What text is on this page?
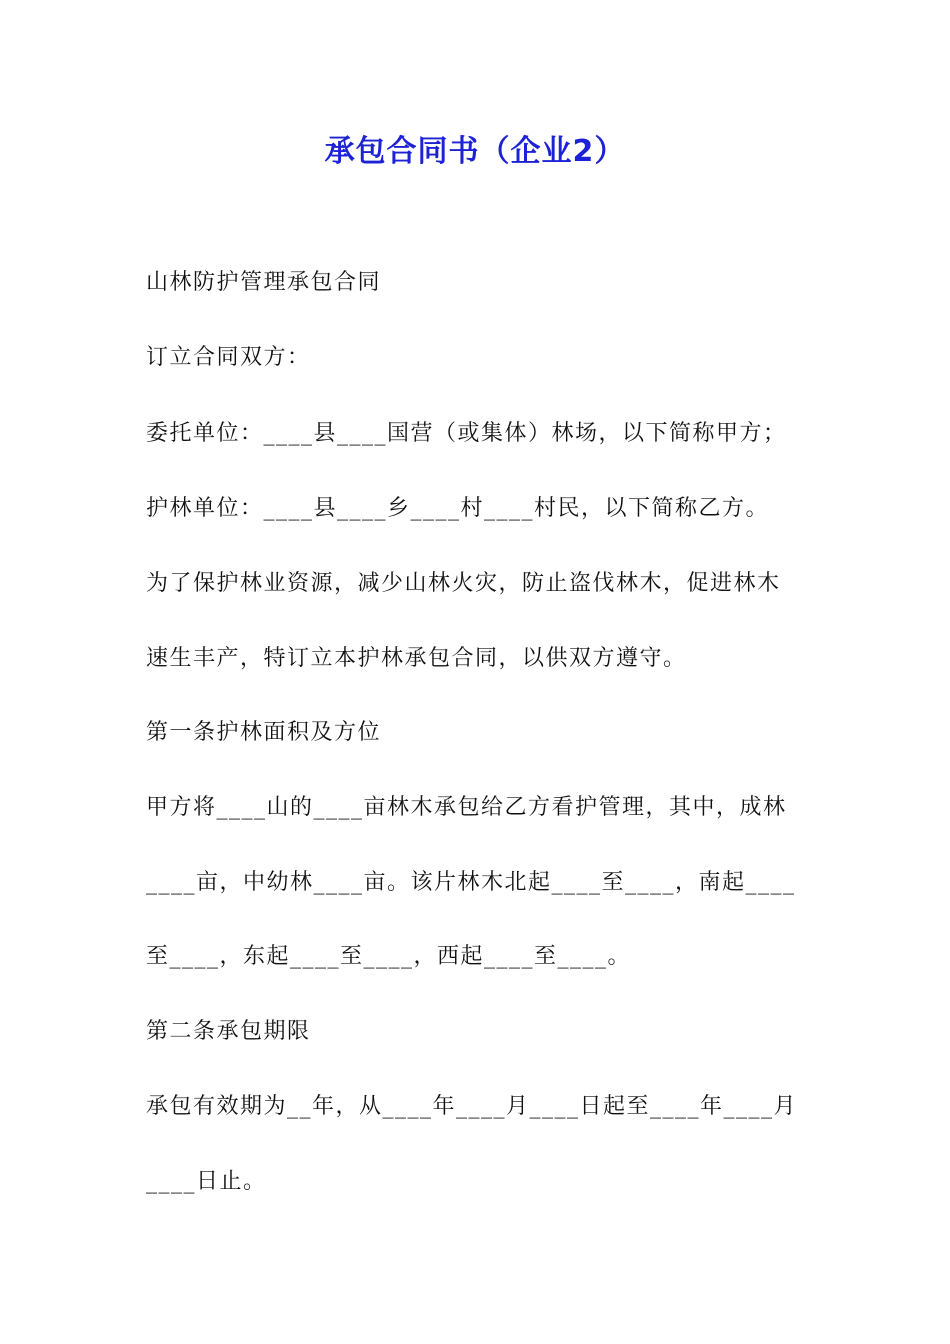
承包合同书（企业2）
山林防护管理承包合同
订立合同双方：
委托单位：____县____国营（或集体）林场，以下简称甲方；
护林单位：____县____乡____村____村民，以下简称乙方。
为了保护林业资源，减少山林火灾，防止盗伐林木，促进林木
速生丰产，特订立本护林承包合同，以供双方遵守。
第一条护林面积及方位
甲方将____山的____亩林木承包给乙方看护管理，其中，成林
____亩，中幼林____亩。该片林木北起____至____，南起____
至____，东起____至____，西起____至____。
第二条承包期限
承包有效期为__年，从____年____月____日起至____年____月
____日止。
